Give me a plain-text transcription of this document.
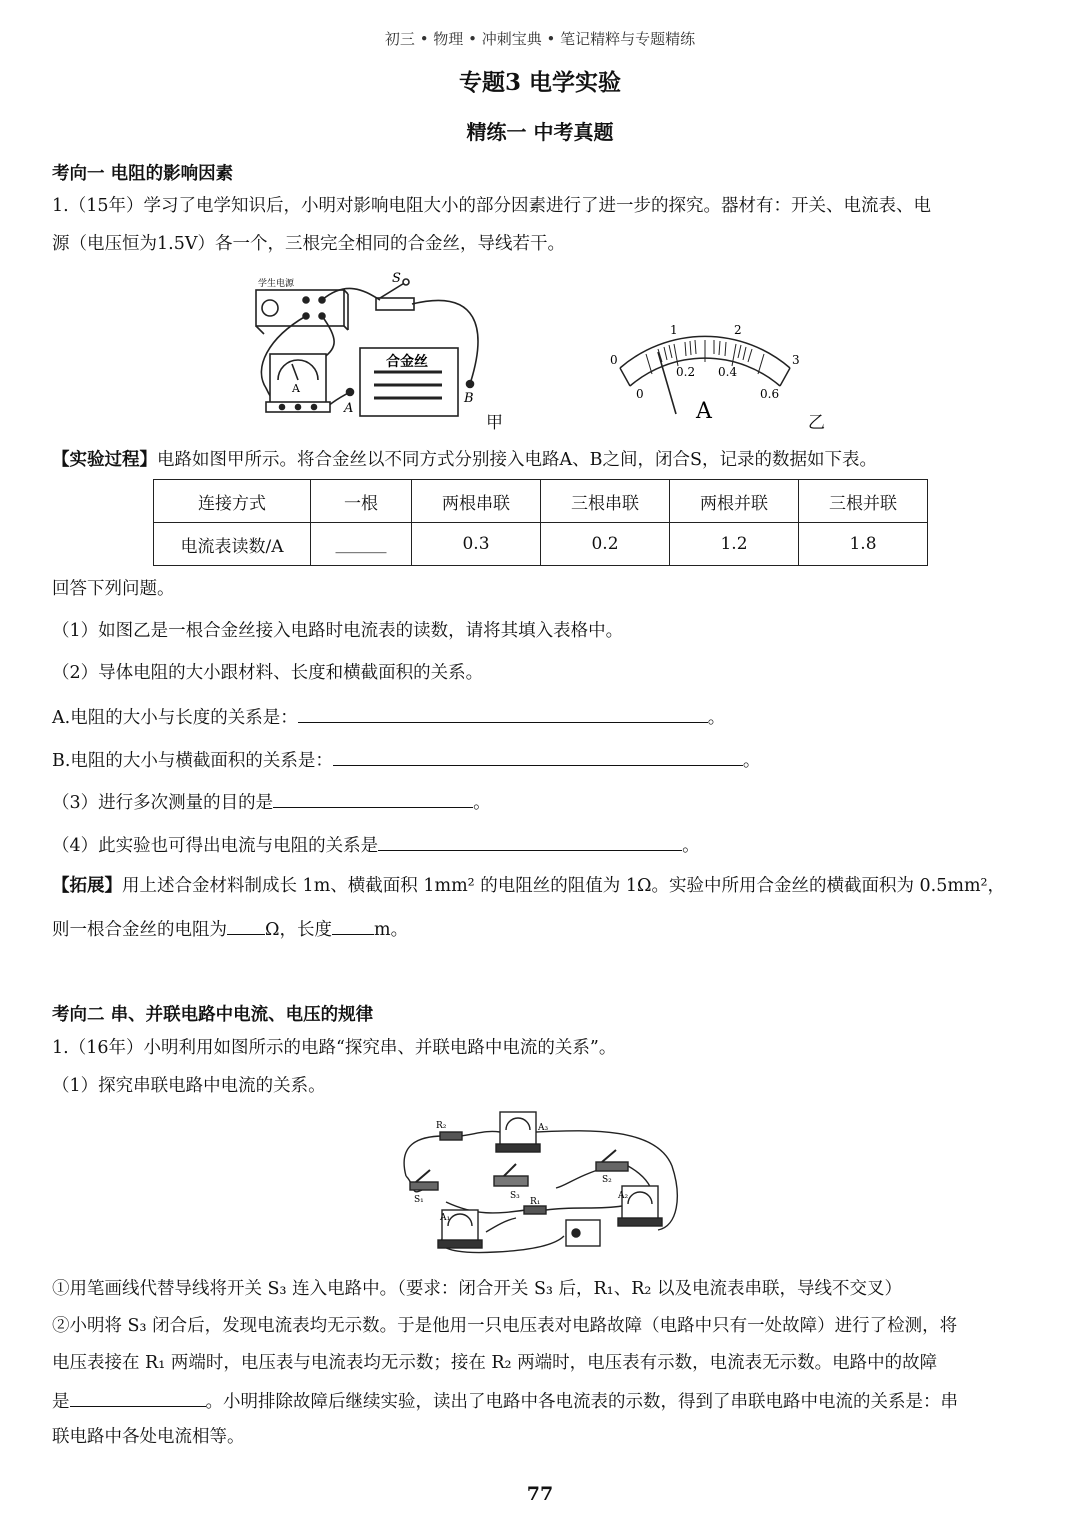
初三 • 物理 • 冲刺宝典 • 笔记精粹与专题精练
专题3 电学实验
精练一 中考真题
考向一 电阻的影响因素
1.（15年）学习了电学知识后，小明对影响电阻大小的部分因素进行了进一步的探究。器材有：开关、电流表、电
源（电压恒为1.5V）各一个，三根完全相同的合金丝，导线若干。
学生电源	S
合金丝
A
A
B
甲
0
1	2
3
0
0.2 0.4
0.6
A	乙
【实验过程】电路如图甲所示。将合金丝以不同方式分别接入电路A、B之间，闭合S，记录的数据如下表。
连接方式	一根	两根串联	三根串联	两根并联	三根并联
电流表读数/A	______	0.3	0.2	1.2	1.8
回答下列问题。
（1）如图乙是一根合金丝接入电路时电流表的读数，请将其填入表格中。
（2）导体电阻的大小跟材料、长度和横截面积的关系。
A.电阻的大小与长度的关系是：	。
B.电阻的大小与横截面积的关系是：	。
（3）进行多次测量的目的是	。
（4）此实验也可得出电流与电阻的关系是	。
【拓展】用上述合金材料制成长 1m、横截面积 1mm² 的电阻丝的阻值为 1Ω。实验中所用合金丝的横截面积为 0.5mm²，
则一根合金丝的电阻为 Ω，长度 m。
考向二 串、并联电路中电流、电压的规律
1.（16年）小明利用如图所示的电路“探究串、并联电路中电流的关系”。
（1）探究串联电路中电流的关系。
R₂	A₃
S₁	S₃
S₂
R₁
A₂
A₁
①用笔画线代替导线将开关 S₃ 连入电路中。（要求：闭合开关 S₃ 后，R₁、R₂ 以及电流表串联，导线不交叉）
②小明将 S₃ 闭合后，发现电流表均无示数。于是他用一只电压表对电路故障（电路中只有一处故障）进行了检测，将
电压表接在 R₁ 两端时，电压表与电流表均无示数；接在 R₂ 两端时，电压表有示数，电流表无示数。电路中的故障
是	。小明排除故障后继续实验，读出了电路中各电流表的示数，得到了串联电路中电流的关系是：串
联电路中各处电流相等。
77
